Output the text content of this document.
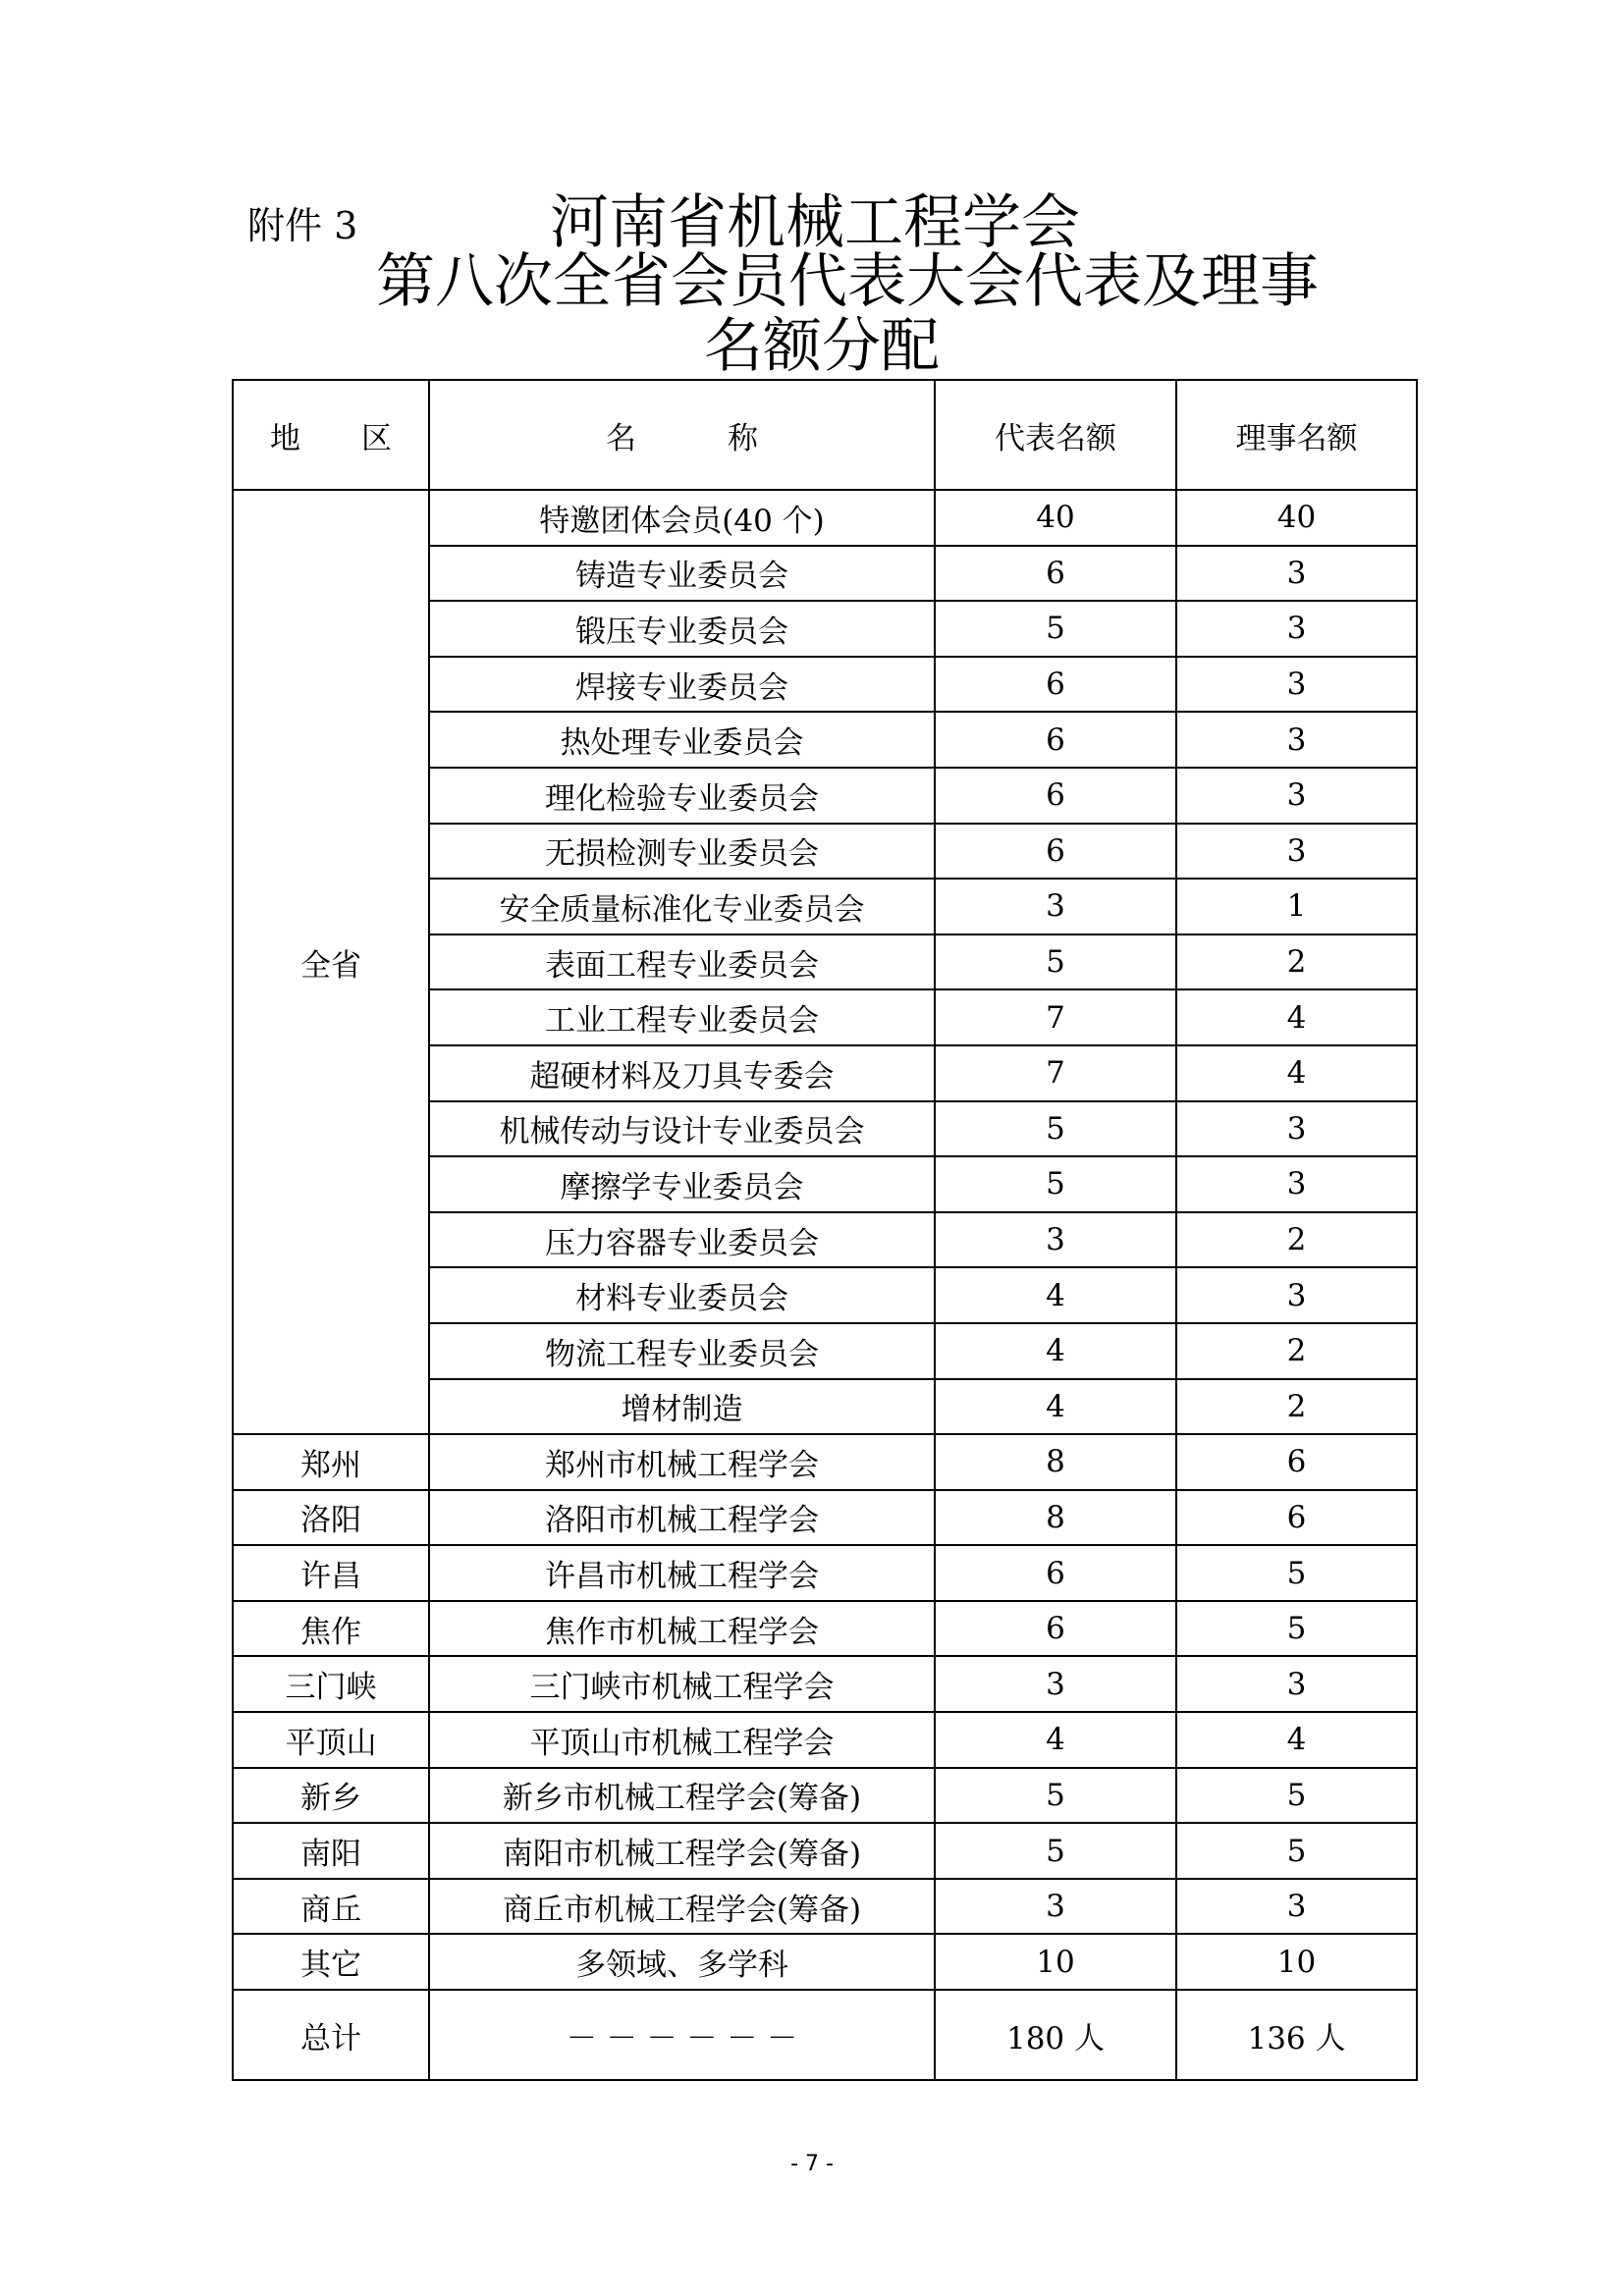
附件 3	河南省机械工程学会
第八次全省会员代表大会代表及理事
名额分配
地　　区	名　　　称	代表名额	理事名额
全省	特邀团体会员(40 个)	40	40
	铸造专业委员会	6	3
	锻压专业委员会	5	3
	焊接专业委员会	6	3
	热处理专业委员会	6	3
	理化检验专业委员会	6	3
	无损检测专业委员会	6	3
	安全质量标准化专业委员会	3	1
	表面工程专业委员会	5	2
	工业工程专业委员会	7	4
	超硬材料及刀具专委会	7	4
	机械传动与设计专业委员会	5	3
	摩擦学专业委员会	5	3
	压力容器专业委员会	3	2
	材料专业委员会	4	3
	物流工程专业委员会	4	2
	增材制造	4	2
郑州	郑州市机械工程学会	8	6
洛阳	洛阳市机械工程学会	8	6
许昌	许昌市机械工程学会	6	5
焦作	焦作市机械工程学会	6	5
三门峡	三门峡市机械工程学会	3	3
平顶山	平顶山市机械工程学会	4	4
新乡	新乡市机械工程学会(筹备)	5	5
南阳	南阳市机械工程学会(筹备)	5	5
商丘	商丘市机械工程学会(筹备)	3	3
其它	多领域、多学科	10	10
总计	－ － － － － －	180 人	136 人
- 7 -
